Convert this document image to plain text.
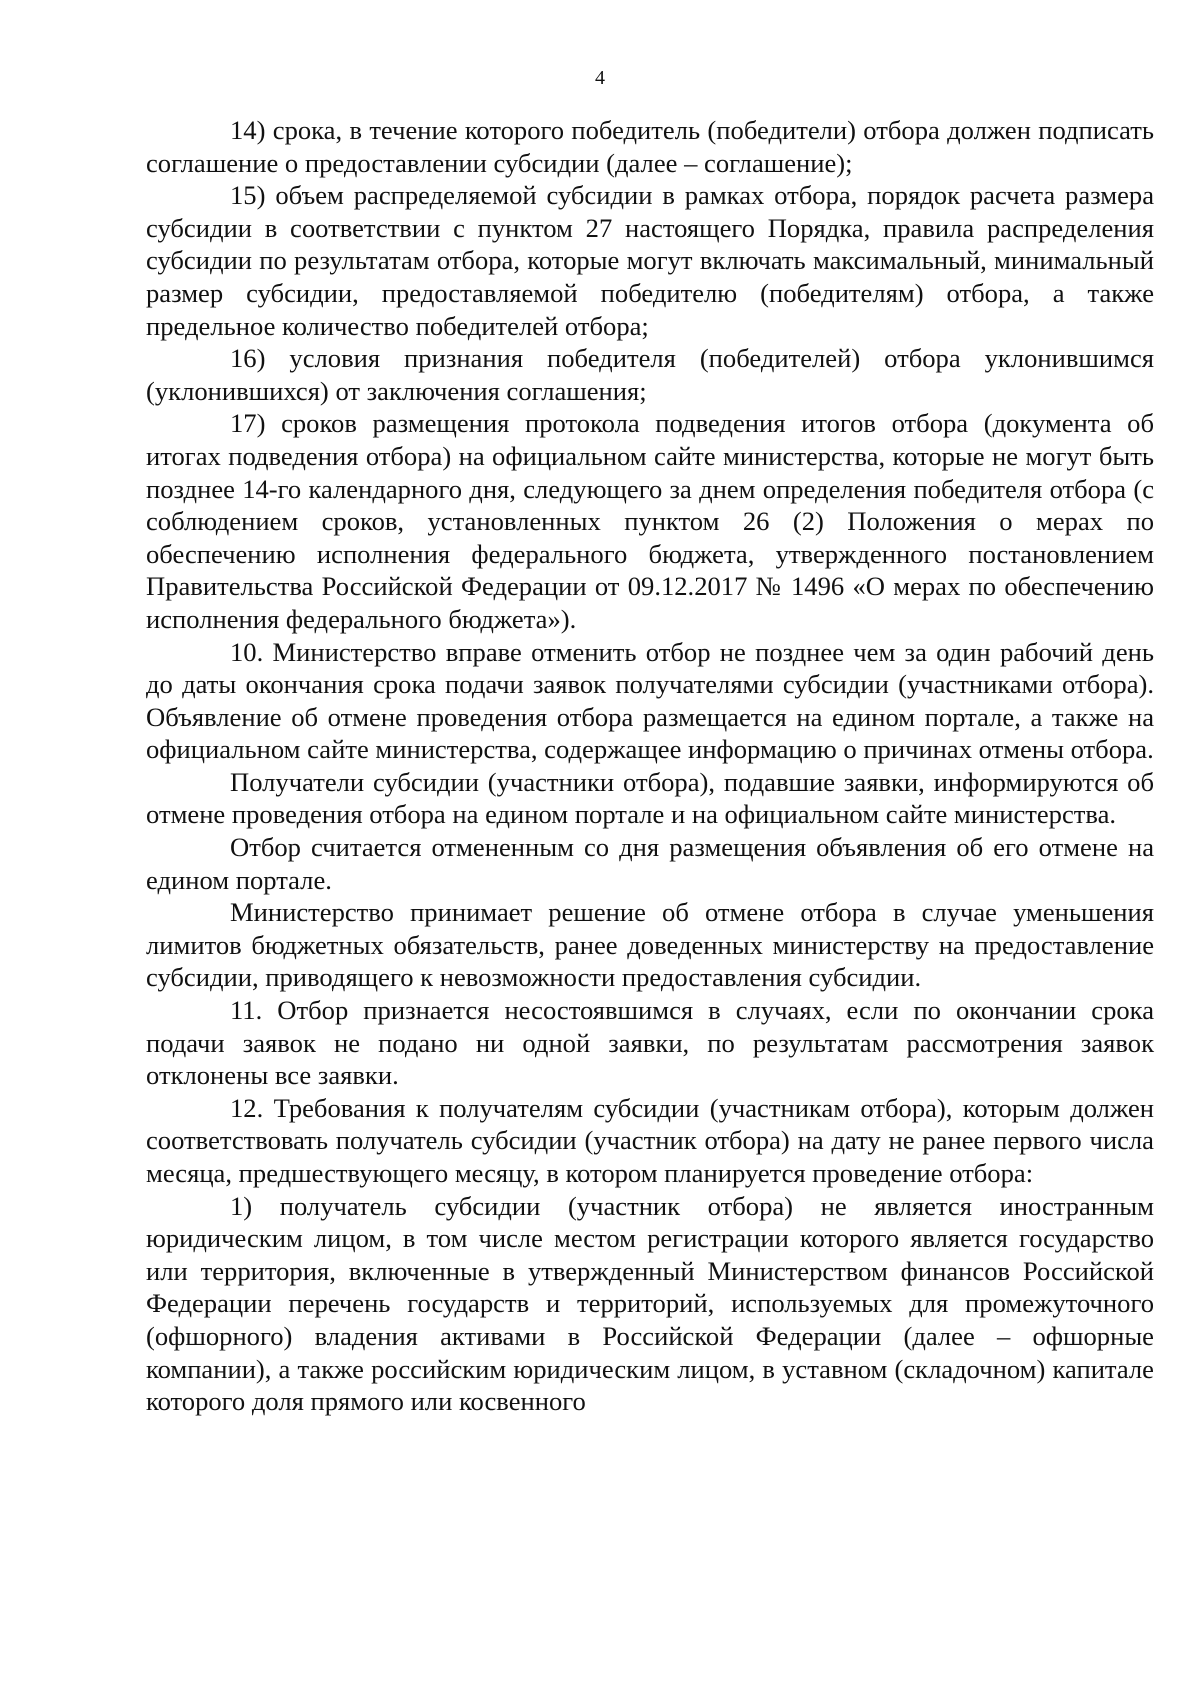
4

14) срока, в течение которого победитель (победители) отбора должен подписать соглашение о предоставлении субсидии (далее – соглашение);

15) объем распределяемой субсидии в рамках отбора, порядок расчета размера субсидии в соответствии с пунктом 27 настоящего Порядка, правила распределения субсидии по результатам отбора, которые могут включать максимальный, минимальный размер субсидии, предоставляемой победителю (победителям) отбора, а также предельное количество победителей отбора;

16) условия признания победителя (победителей) отбора уклонившимся (уклонившихся) от заключения соглашения;

17) сроков размещения протокола подведения итогов отбора (документа об итогах подведения отбора) на официальном сайте министерства, которые не могут быть позднее 14-го календарного дня, следующего за днем определения победителя отбора (с соблюдением сроков, установленных пунктом 26 (2) Положения о мерах по обеспечению исполнения федерального бюджета, утвержденного постановлением Правительства Российской Федерации от 09.12.2017 № 1496 «О мерах по обеспечению исполнения федерального бюджета»).

10. Министерство вправе отменить отбор не позднее чем за один рабочий день до даты окончания срока подачи заявок получателями субсидии (участниками отбора). Объявление об отмене проведения отбора размещается на едином портале, а также на официальном сайте министерства, содержащее информацию о причинах отмены отбора.

Получатели субсидии (участники отбора), подавшие заявки, информируются об отмене проведения отбора на едином портале и на официальном сайте министерства.

Отбор считается отмененным со дня размещения объявления об его отмене на едином портале.

Министерство принимает решение об отмене отбора в случае уменьшения лимитов бюджетных обязательств, ранее доведенных министерству на предоставление субсидии, приводящего к невозможности предоставления субсидии.

11. Отбор признается несостоявшимся в случаях, если по окончании срока подачи заявок не подано ни одной заявки, по результатам рассмотрения заявок отклонены все заявки.

12. Требования к получателям субсидии (участникам отбора), которым должен соответствовать получатель субсидии (участник отбора) на дату не ранее первого числа месяца, предшествующего месяцу, в котором планируется проведение отбора:

1) получатель субсидии (участник отбора) не является иностранным юридическим лицом, в том числе местом регистрации которого является государство или территория, включенные в утвержденный Министерством финансов Российской Федерации перечень государств и территорий, используемых для промежуточного (офшорного) владения активами в Российской Федерации (далее – офшорные компании), а также российским юридическим лицом, в уставном (складочном) капитале которого доля прямого или косвенного
